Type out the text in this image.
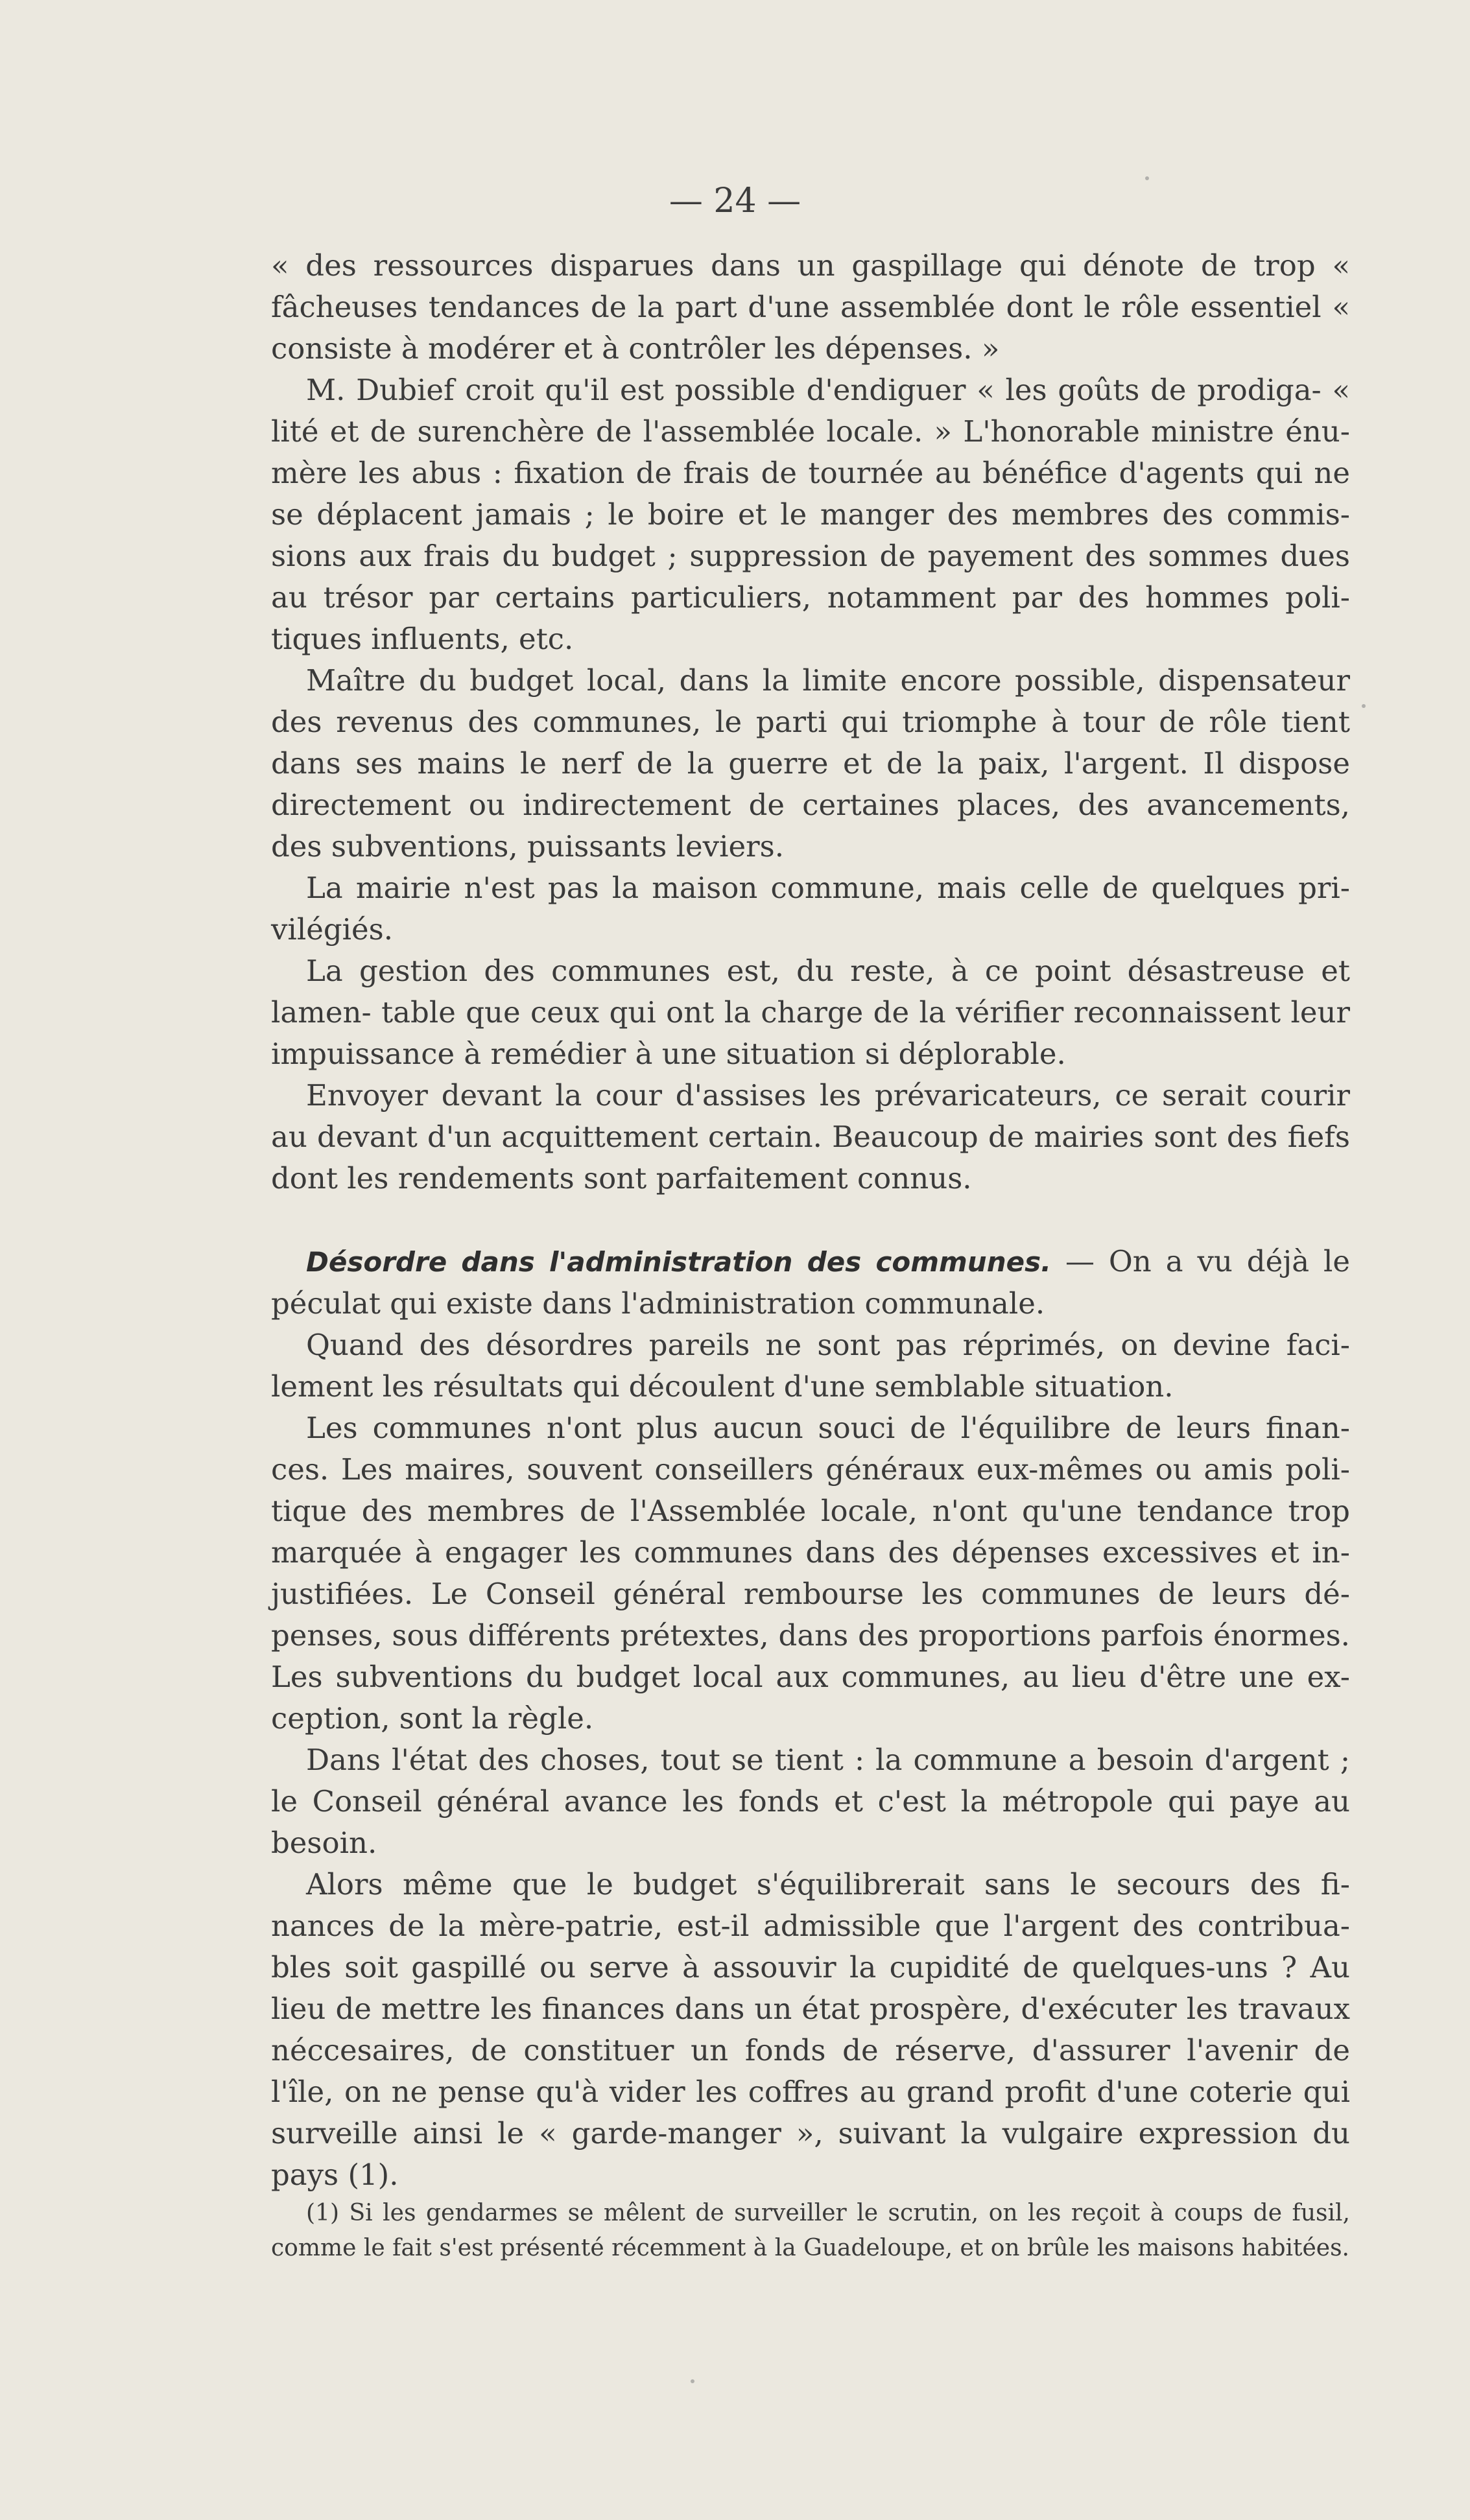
— 24 —

« des ressources disparues dans un gaspillage qui dénote de trop « fâcheuses tendances de la part d'une assemblée dont le rôle essentiel « consiste à modérer et à contrôler les dépenses. »

M. Dubief croit qu'il est possible d'endiguer « les goûts de prodiga- « lité et de surenchère de l'assemblée locale. » L'honorable ministre énu- mère les abus : fixation de frais de tournée au bénéfice d'agents qui ne se déplacent jamais ; le boire et le manger des membres des commis- sions aux frais du budget ; suppression de payement des sommes dues au trésor par certains particuliers, notamment par des hommes poli- tiques influents, etc.

Maître du budget local, dans la limite encore possible, dispensateur des revenus des communes, le parti qui triomphe à tour de rôle tient dans ses mains le nerf de la guerre et de la paix, l'argent. Il dispose directement ou indirectement de certaines places, des avancements, des subventions, puissants leviers.

La mairie n'est pas la maison commune, mais celle de quelques pri- vilégiés.

La gestion des communes est, du reste, à ce point désastreuse et lamen- table que ceux qui ont la charge de la vérifier reconnaissent leur impuissance à remédier à une situation si déplorable.

Envoyer devant la cour d'assises les prévaricateurs, ce serait courir au devant d'un acquittement certain. Beaucoup de mairies sont des fiefs dont les rendements sont parfaitement connus.

Désordre dans l'administration des communes. — On a vu déjà le péculat qui existe dans l'administration communale.

Quand des désordres pareils ne sont pas réprimés, on devine faci- lement les résultats qui découlent d'une semblable situation.

Les communes n'ont plus aucun souci de l'équilibre de leurs finan- ces. Les maires, souvent conseillers généraux eux-mêmes ou amis poli- tique des membres de l'Assemblée locale, n'ont qu'une tendance trop marquée à engager les communes dans des dépenses excessives et in- justifiées. Le Conseil général rembourse les communes de leurs dé- penses, sous différents prétextes, dans des proportions parfois énormes. Les subventions du budget local aux communes, au lieu d'être une ex- ception, sont la règle.

Dans l'état des choses, tout se tient : la commune a besoin d'argent ; le Conseil général avance les fonds et c'est la métropole qui paye au besoin.

Alors même que le budget s'équilibrerait sans le secours des fi- nances de la mère-patrie, est-il admissible que l'argent des contribua- bles soit gaspillé ou serve à assouvir la cupidité de quelques-uns ? Au lieu de mettre les finances dans un état prospère, d'exécuter les travaux néccesaires, de constituer un fonds de réserve, d'assurer l'avenir de l'île, on ne pense qu'à vider les coffres au grand profit d'une coterie qui surveille ainsi le « garde-manger », suivant la vulgaire expression du pays (1).

(1) Si les gendarmes se mêlent de surveiller le scrutin, on les reçoit à coups de fusil, comme le fait s'est présenté récemment à la Guadeloupe, et on brûle les maisons habitées.
